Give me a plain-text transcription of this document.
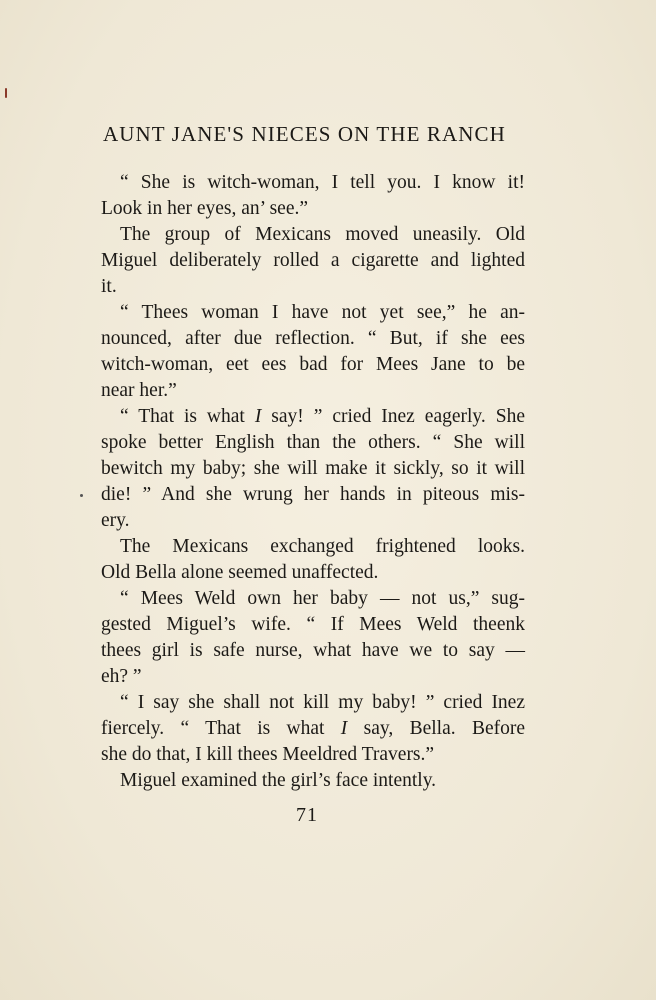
AUNT JANE'S NIECES ON THE RANCH
“ She is witch-woman, I tell you. I know it!
Look in her eyes, an’ see.”
The group of Mexicans moved uneasily. Old
Miguel deliberately rolled a cigarette and lighted
it.
“ Thees woman I have not yet see,” he an-
nounced, after due reflection. “ But, if she ees
witch-woman, eet ees bad for Mees Jane to be
near her.”
“ That is what I say! ” cried Inez eagerly. She
spoke better English than the others. “ She will
bewitch my baby; she will make it sickly, so it will
die! ” And she wrung her hands in piteous mis-
ery.
The Mexicans exchanged frightened looks.
Old Bella alone seemed unaffected.
“ Mees Weld own her baby — not us,” sug-
gested Miguel’s wife. “ If Mees Weld theenk
thees girl is safe nurse, what have we to say —
eh? ”
“ I say she shall not kill my baby! ” cried Inez
fiercely. “ That is what I say, Bella. Before
she do that, I kill thees Meeldred Travers.”
Miguel examined the girl’s face intently.
71
